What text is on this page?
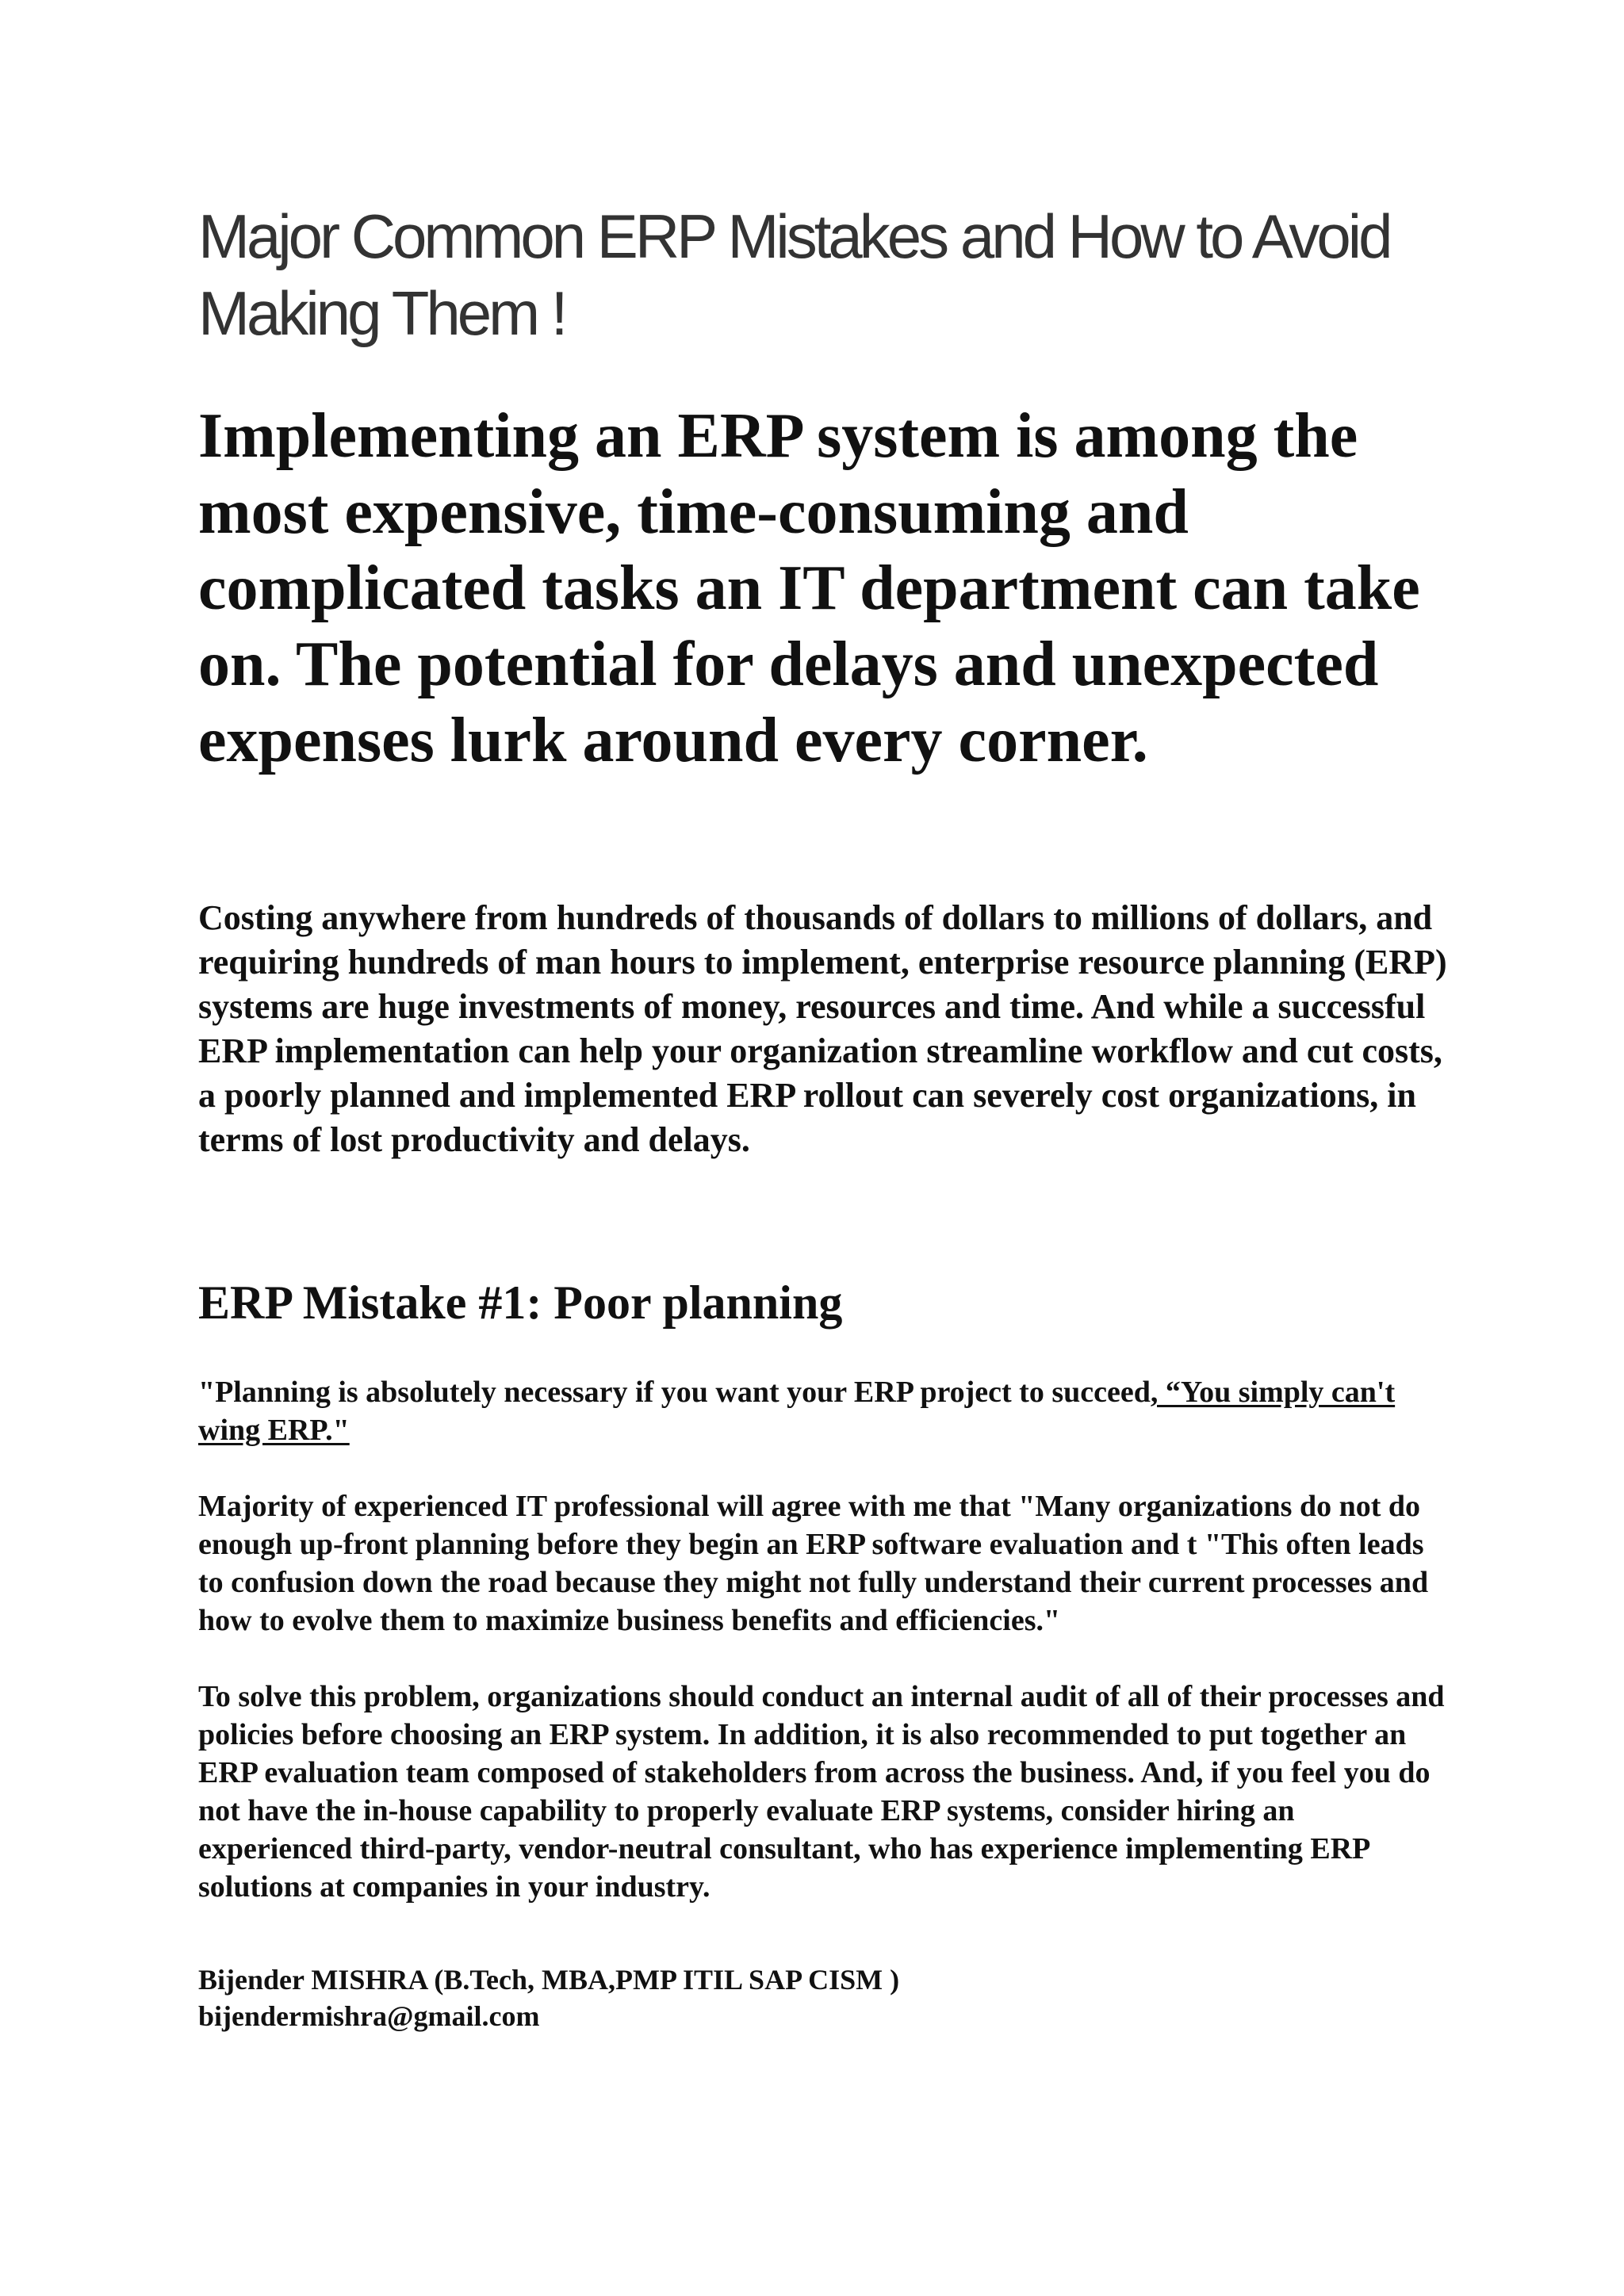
Major Common ERP Mistakes and How to Avoid Making Them !

Implementing an ERP system is among the most expensive, time-consuming and complicated tasks an IT department can take on. The potential for delays and unexpected expenses lurk around every corner.

Costing anywhere from hundreds of thousands of dollars to millions of dollars, and requiring hundreds of man hours to implement, enterprise resource planning (ERP) systems are huge investments of money, resources and time. And while a successful ERP implementation can help your organization streamline workflow and cut costs, a poorly planned and implemented ERP rollout can severely cost organizations, in terms of lost productivity and delays.

ERP Mistake #1: Poor planning

"Planning is absolutely necessary if you want your ERP project to succeed, “You simply can't wing ERP."

Majority of experienced IT professional will agree with me that "Many organizations do not do enough up-front planning before they begin an ERP software evaluation and t "This often leads to confusion down the road because they might not fully understand their current processes and how to evolve them to maximize business benefits and efficiencies."

To solve this problem, organizations should conduct an internal audit of all of their processes and policies before choosing an ERP system. In addition, it is also recommended to put together an ERP evaluation team composed of stakeholders from across the business. And, if you feel you do not have the in-house capability to properly evaluate ERP systems, consider hiring an experienced third-party, vendor-neutral consultant, who has experience implementing ERP solutions at companies in your industry.

Bijender MISHRA (B.Tech, MBA,PMP ITIL SAP CISM )
bijendermishra@gmail.com
